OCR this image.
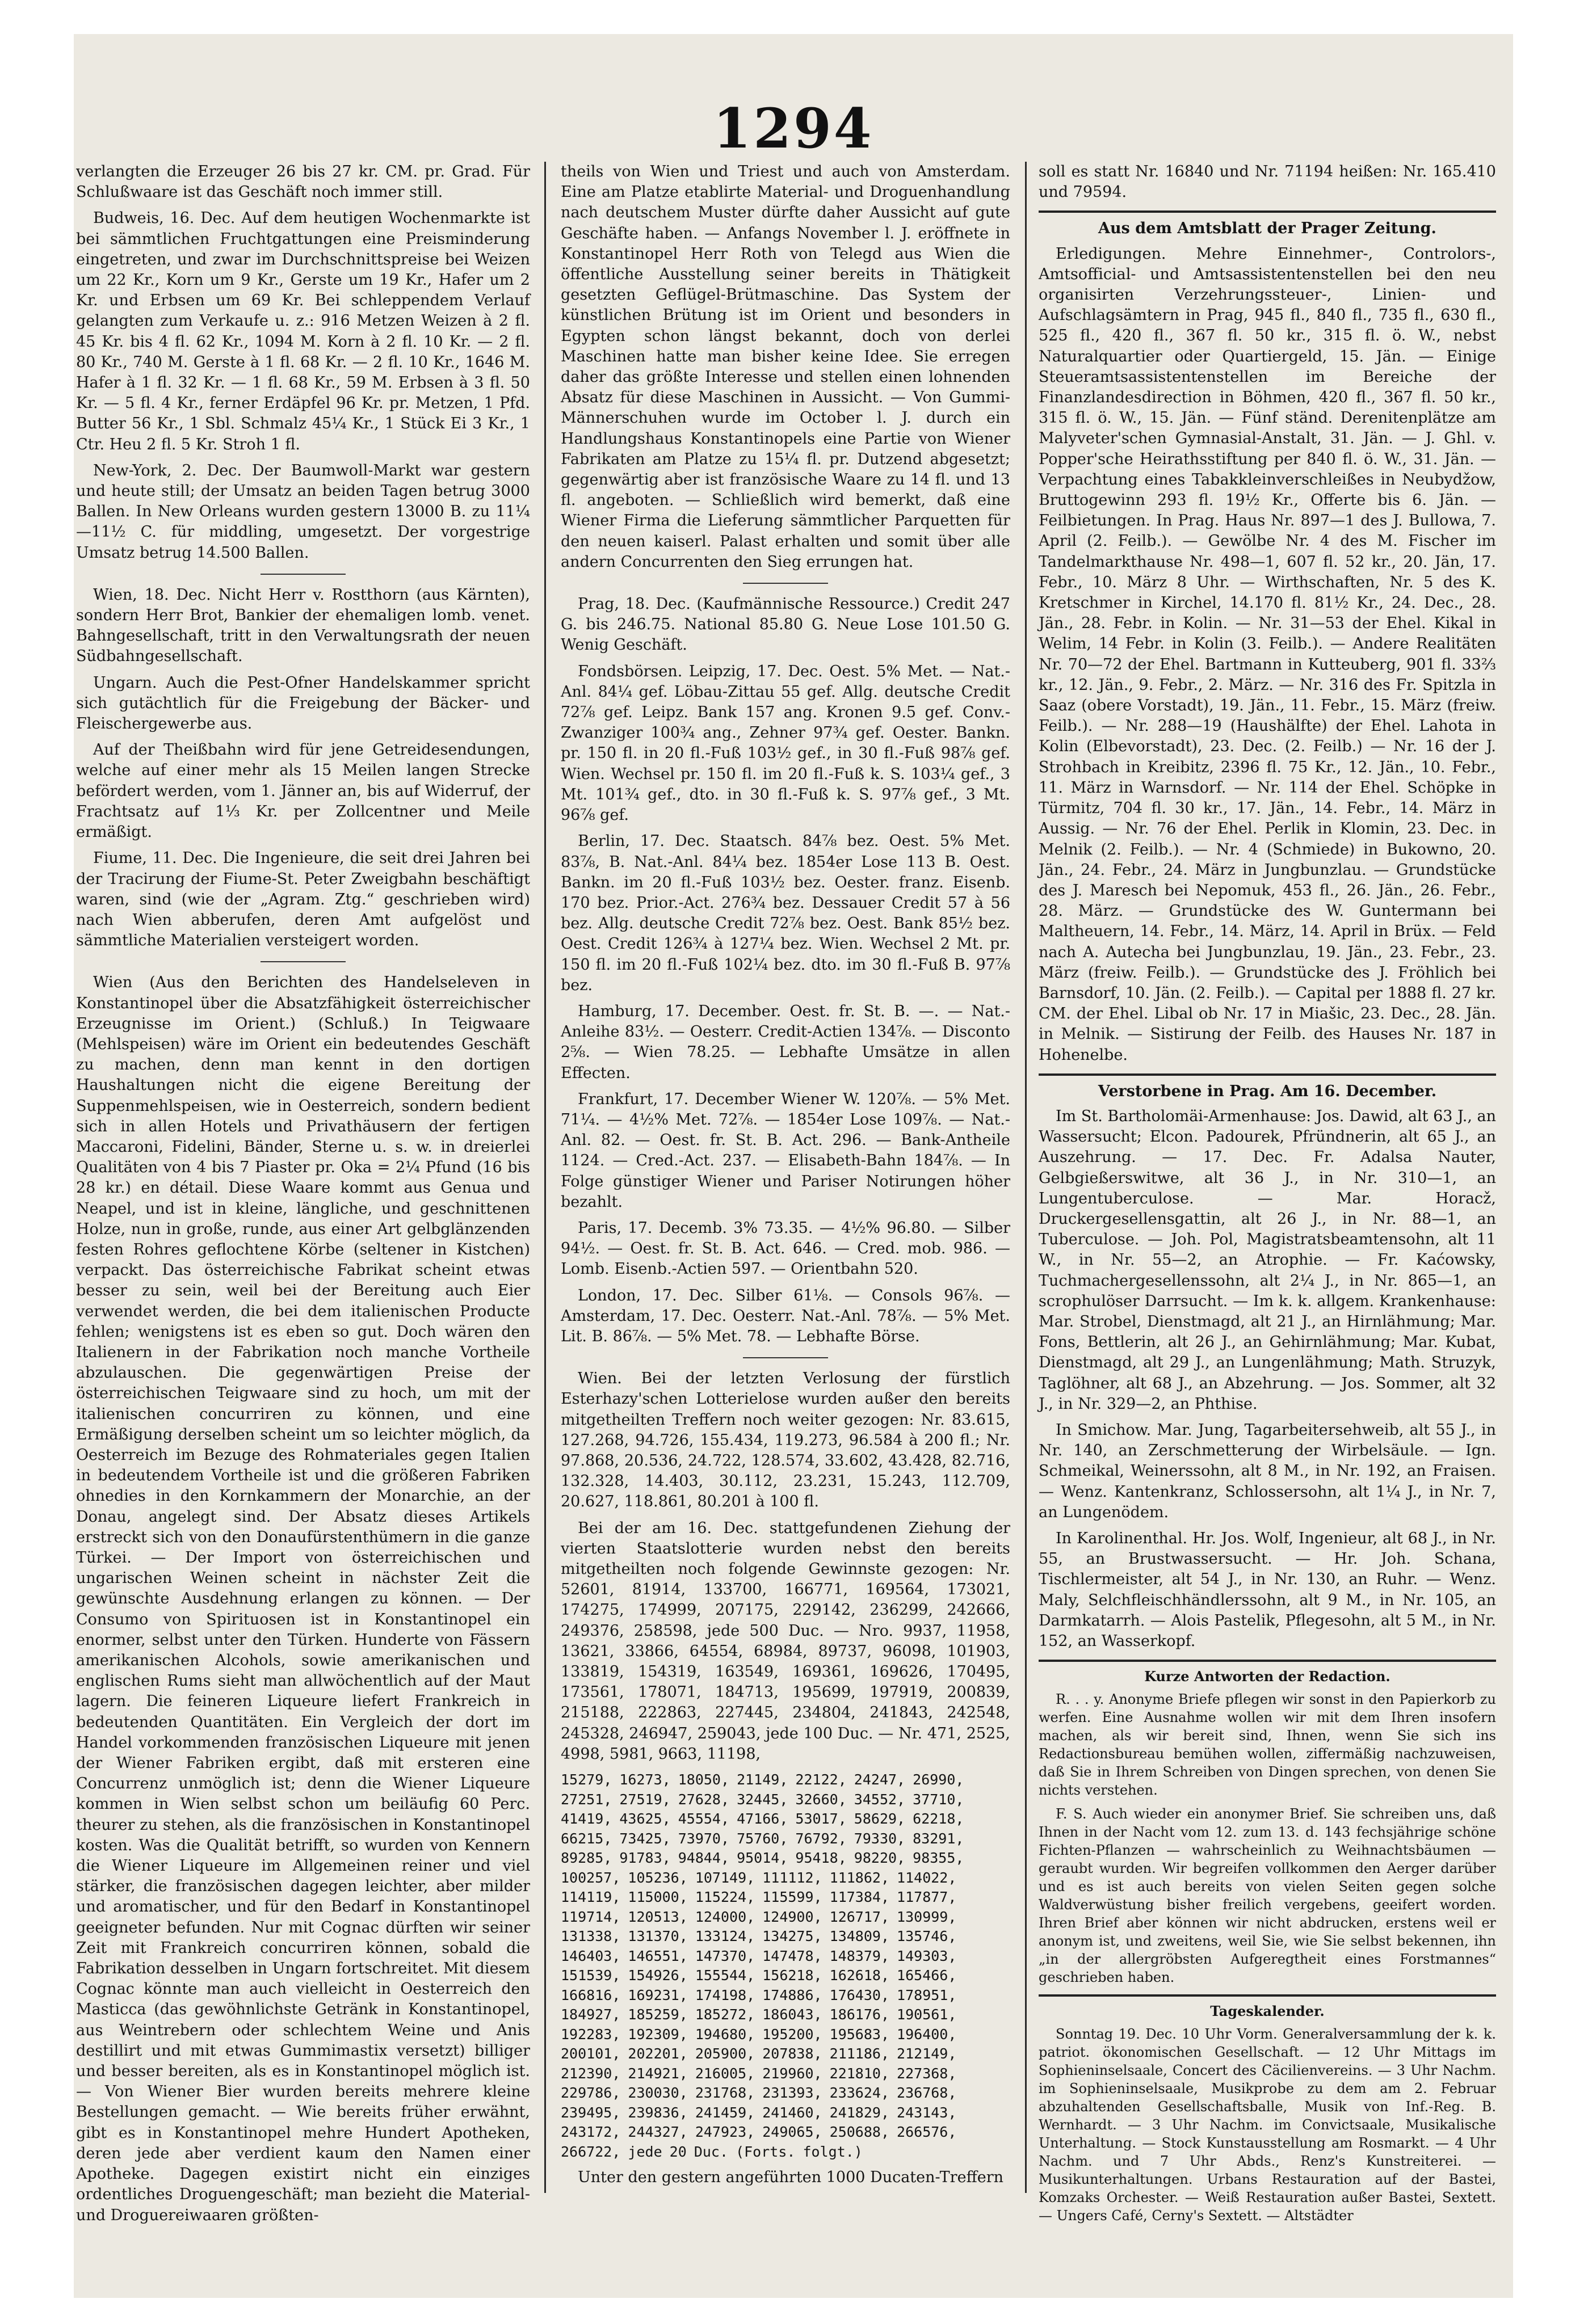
1294

verlangten die Erzeuger 26 bis 27 kr. CM. pr. Grad. Für Schlußwaare ist das Geschäft noch immer still.

Budweis, 16. Dec. Auf dem heutigen Wochenmarkte ist bei sämmtlichen Fruchtgattungen eine Preisminderung eingetreten, und zwar im Durchschnittspreise bei Weizen um 22 Kr., Korn um 9 Kr., Gerste um 19 Kr., Hafer um 2 Kr. und Erbsen um 69 Kr. Bei schleppendem Verlauf gelangten zum Verkaufe u. z.: 916 Metzen Weizen à 2 fl. 45 Kr. bis 4 fl. 62 Kr., 1094 M. Korn à 2 fl. 10 Kr. — 2 fl. 80 Kr., 740 M. Gerste à 1 fl. 68 Kr. — 2 fl. 10 Kr., 1646 M. Hafer à 1 fl. 32 Kr. — 1 fl. 68 Kr., 59 M. Erbsen à 3 fl. 50 Kr. — 5 fl. 4 Kr., ferner Erdäpfel 96 Kr. pr. Metzen, 1 Pfd. Butter 56 Kr., 1 Sbl. Schmalz 45¼ Kr., 1 Stück Ei 3 Kr., 1 Ctr. Heu 2 fl. 5 Kr. Stroh 1 fl.

New-York, 2. Dec. Der Baumwoll-Markt war gestern und heute still; der Umsatz an beiden Tagen betrug 3000 Ballen. In New Orleans wurden gestern 13000 B. zu 11¼—11½ C. für middling, umgesetzt. Der vorgestrige Umsatz betrug 14.500 Ballen.

Wien, 18. Dec. Nicht Herr v. Rostthorn (aus Kärnten), sondern Herr Brot, Bankier der ehemaligen lomb. venet. Bahngesellschaft, tritt in den Verwaltungsrath der neuen Südbahngesellschaft.

Ungarn. Auch die Pest-Ofner Handelskammer spricht sich gutächtlich für die Freigebung der Bäcker- und Fleischergewerbe aus.

Auf der Theißbahn wird für jene Getreidesendungen, welche auf einer mehr als 15 Meilen langen Strecke befördert werden, vom 1. Jänner an, bis auf Widerruf, der Frachtsatz auf 1⅓ Kr. per Zollcentner und Meile ermäßigt.

Fiume, 11. Dec. Die Ingenieure, die seit drei Jahren bei der Tracirung der Fiume-St. Peter Zweigbahn beschäftigt waren, sind (wie der „Agram. Ztg.“ geschrieben wird) nach Wien abberufen, deren Amt aufgelöst und sämmtliche Materialien versteigert worden.

Wien (Aus den Berichten des Handelseleven in Konstantinopel über die Absatzfähigkeit österreichischer Erzeugnisse im Orient.) (Schluß.) In Teigwaare (Mehlspeisen) wäre im Orient ein bedeutendes Geschäft zu machen, denn man kennt in den dortigen Haushaltungen nicht die eigene Bereitung der Suppenmehlspeisen, wie in Oesterreich, sondern bedient sich in allen Hotels und Privathäusern der fertigen Maccaroni, Fidelini, Bänder, Sterne u. s. w. in dreierlei Qualitäten von 4 bis 7 Piaster pr. Oka = 2¼ Pfund (16 bis 28 kr.) en détail. Diese Waare kommt aus Genua und Neapel, und ist in kleine, längliche, und geschnittenen Holze, nun in große, runde, aus einer Art gelbglänzenden festen Rohres geflochtene Körbe (seltener in Kistchen) verpackt. Das österreichische Fabrikat scheint etwas besser zu sein, weil bei der Bereitung auch Eier verwendet werden, die bei dem italienischen Producte fehlen; wenigstens ist es eben so gut. Doch wären den Italienern in der Fabrikation noch manche Vortheile abzulauschen. Die gegenwärtigen Preise der österreichischen Teigwaare sind zu hoch, um mit der italienischen concurriren zu können, und eine Ermäßigung derselben scheint um so leichter möglich, da Oesterreich im Bezuge des Rohmateriales gegen Italien in bedeutendem Vortheile ist und die größeren Fabriken ohnedies in den Kornkammern der Monarchie, an der Donau, angelegt sind. Der Absatz dieses Artikels erstreckt sich von den Donaufürstenthümern in die ganze Türkei. — Der Import von österreichischen und ungarischen Weinen scheint in nächster Zeit die gewünschte Ausdehnung erlangen zu können. — Der Consumo von Spirituosen ist in Konstantinopel ein enormer, selbst unter den Türken. Hunderte von Fässern amerikanischen Alcohols, sowie amerikanischen und englischen Rums sieht man allwöchentlich auf der Maut lagern. Die feineren Liqueure liefert Frankreich in bedeutenden Quantitäten. Ein Vergleich der dort im Handel vorkommenden französischen Liqueure mit jenen der Wiener Fabriken ergibt, daß mit ersteren eine Concurrenz unmöglich ist; denn die Wiener Liqueure kommen in Wien selbst schon um beiläufig 60 Perc. theurer zu stehen, als die französischen in Konstantinopel kosten. Was die Qualität betrifft, so wurden von Kennern die Wiener Liqueure im Allgemeinen reiner und viel stärker, die französischen dagegen leichter, aber milder und aromatischer, und für den Bedarf in Konstantinopel geeigneter befunden. Nur mit Cognac dürften wir seiner Zeit mit Frankreich concurriren können, sobald die Fabrikation desselben in Ungarn fortschreitet. Mit diesem Cognac könnte man auch vielleicht in Oesterreich den Masticca (das gewöhnlichste Getränk in Konstantinopel, aus Weintrebern oder schlechtem Weine und Anis destillirt und mit etwas Gummimastix versetzt) billiger und besser bereiten, als es in Konstantinopel möglich ist. — Von Wiener Bier wurden bereits mehrere kleine Bestellungen gemacht. — Wie bereits früher erwähnt, gibt es in Konstantinopel mehre Hundert Apotheken, deren jede aber verdient kaum den Namen einer Apotheke. Dagegen existirt nicht ein einziges ordentliches Droguengeschäft; man bezieht die Material- und Droguereiwaaren größten-

theils von Wien und Triest und auch von Amsterdam. Eine am Platze etablirte Material- und Droguenhandlung nach deutschem Muster dürfte daher Aussicht auf gute Geschäfte haben. — Anfangs November l. J. eröffnete in Konstantinopel Herr Roth von Telegd aus Wien die öffentliche Ausstellung seiner bereits in Thätigkeit gesetzten Geflügel-Brütmaschine. Das System der künstlichen Brütung ist im Orient und besonders in Egypten schon längst bekannt, doch von derlei Maschinen hatte man bisher keine Idee. Sie erregen daher das größte Interesse und stellen einen lohnenden Absatz für diese Maschinen in Aussicht. — Von Gummi-Männerschuhen wurde im October l. J. durch ein Handlungshaus Konstantinopels eine Partie von Wiener Fabrikaten am Platze zu 15¼ fl. pr. Dutzend abgesetzt; gegenwärtig aber ist französische Waare zu 14 fl. und 13 fl. angeboten. — Schließlich wird bemerkt, daß eine Wiener Firma die Lieferung sämmtlicher Parquetten für den neuen kaiserl. Palast erhalten und somit über alle andern Concurrenten den Sieg errungen hat.

Prag, 18. Dec. (Kaufmännische Ressource.) Credit 247 G. bis 246.75. National 85.80 G. Neue Lose 101.50 G. Wenig Geschäft.

Fondsbörsen. Leipzig, 17. Dec. Oest. 5% Met. — Nat.-Anl. 84¼ gef. Löbau-Zittau 55 gef. Allg. deutsche Credit 72⅞ gef. Leipz. Bank 157 ang. Kronen 9.5 gef. Conv.-Zwanziger 100¾ ang., Zehner 97¾ gef. Oester. Bankn. pr. 150 fl. in 20 fl.-Fuß 103½ gef., in 30 fl.-Fuß 98⅞ gef. Wien. Wechsel pr. 150 fl. im 20 fl.-Fuß k. S. 103¼ gef., 3 Mt. 101¾ gef., dto. in 30 fl.-Fuß k. S. 97⅞ gef., 3 Mt. 96⅞ gef.

Berlin, 17. Dec. Staatsch. 84⅞ bez. Oest. 5% Met. 83⅞, B. Nat.-Anl. 84¼ bez. 1854er Lose 113 B. Oest. Bankn. im 20 fl.-Fuß 103½ bez. Oester. franz. Eisenb. 170 bez. Prior.-Act. 276¾ bez. Dessauer Credit 57 à 56 bez. Allg. deutsche Credit 72⅞ bez. Oest. Bank 85½ bez. Oest. Credit 126¾ à 127¼ bez. Wien. Wechsel 2 Mt. pr. 150 fl. im 20 fl.-Fuß 102¼ bez. dto. im 30 fl.-Fuß B. 97⅞ bez.

Hamburg, 17. December. Oest. fr. St. B. —. — Nat.-Anleihe 83½. — Oesterr. Credit-Actien 134⅞. — Disconto 2⅝. — Wien 78.25. — Lebhafte Umsätze in allen Effecten.

Frankfurt, 17. December Wiener W. 120⅞. — 5% Met. 71¼. — 4½% Met. 72⅞. — 1854er Lose 109⅞. — Nat.-Anl. 82. — Oest. fr. St. B. Act. 296. — Bank-Antheile 1124. — Cred.-Act. 237. — Elisabeth-Bahn 184⅞. — In Folge günstiger Wiener und Pariser Notirungen höher bezahlt.

Paris, 17. Decemb. 3% 73.35. — 4½% 96.80. — Silber 94½. — Oest. fr. St. B. Act. 646. — Cred. mob. 986. — Lomb. Eisenb.-Actien 597. — Orientbahn 520.

London, 17. Dec. Silber 61⅛. — Consols 96⅞. — Amsterdam, 17. Dec. Oesterr. Nat.-Anl. 78⅞. — 5% Met. Lit. B. 86⅞. — 5% Met. 78. — Lebhafte Börse.

Wien. Bei der letzten Verlosung der fürstlich Esterhazy'schen Lotterielose wurden außer den bereits mitgetheilten Treffern noch weiter gezogen: Nr. 83.615, 127.268, 94.726, 155.434, 119.273, 96.584 à 200 fl.; Nr. 97.868, 20.536, 24.722, 128.574, 33.602, 43.428, 82.716, 132.328, 14.403, 30.112, 23.231, 15.243, 112.709, 20.627, 118.861, 80.201 à 100 fl.

Bei der am 16. Dec. stattgefundenen Ziehung der vierten Staatslotterie wurden nebst den bereits mitgetheilten noch folgende Gewinnste gezogen: Nr. 52601, 81914, 133700, 166771, 169564, 173021, 174275, 174999, 207175, 229142, 236299, 242666, 249376, 258598, jede 500 Duc. — Nro. 9937, 11958, 13621, 33866, 64554, 68984, 89737, 96098, 101903, 133819, 154319, 163549, 169361, 169626, 170495, 173561, 178071, 184713, 195699, 197919, 200839, 215188, 222863, 227445, 234804, 241843, 242548, 245328, 246947, 259043, jede 100 Duc. — Nr. 471, 2525, 4998, 5981, 9663, 11198,

15279, 16273, 18050, 21149, 22122, 24247, 26990, 27251, 27519, 27628, 32445, 32660, 34552, 37710, 41419, 43625, 45554, 47166, 53017, 58629, 62218, 66215, 73425, 73970, 75760, 76792, 79330, 83291, 89285, 91783, 94844, 95014, 95418, 98220, 98355, 100257, 105236, 107149, 111112, 111862, 114022, 114119, 115000, 115224, 115599, 117384, 117877, 119714, 120513, 124000, 124900, 126717, 130999, 131338, 131370, 133124, 134275, 134809, 135746, 146403, 146551, 147370, 147478, 148379, 149303, 151539, 154926, 155544, 156218, 162618, 165466, 166816, 169231, 174198, 174886, 176430, 178951, 184927, 185259, 185272, 186043, 186176, 190561, 192283, 192309, 194680, 195200, 195683, 196400, 200101, 202201, 205900, 207838, 211186, 212149, 212390, 214921, 216005, 219960, 221810, 227368, 229786, 230030, 231768, 231393, 233624, 236768, 239495, 239836, 241459, 241460, 241829, 243143, 243172, 244327, 247923, 249065, 250688, 266576, 266722, jede 20 Duc. (Forts. folgt.)

Unter den gestern angeführten 1000 Ducaten-Treffern

soll es statt Nr. 16840 und Nr. 71194 heißen: Nr. 165.410 und 79594.

Aus dem Amtsblatt der Prager Zeitung.

Erledigungen. Mehre Einnehmer-, Controlors-, Amtsofficial- und Amtsassistentenstellen bei den neu organisirten Verzehrungssteuer-, Linien- und Aufschlagsämtern in Prag, 945 fl., 840 fl., 735 fl., 630 fl., 525 fl., 420 fl., 367 fl. 50 kr., 315 fl. ö. W., nebst Naturalquartier oder Quartiergeld, 15. Jän. — Einige Steueramtsassistentenstellen im Bereiche der Finanzlandesdirection in Böhmen, 420 fl., 367 fl. 50 kr., 315 fl. ö. W., 15. Jän. — Fünf ständ. Derenitenplätze am Malyveter'schen Gymnasial-Anstalt, 31. Jän. — J. Ghl. v. Popper'sche Heirathsstiftung per 840 fl. ö. W., 31. Jän. — Verpachtung eines Tabakkleinverschleißes in Neubydžow, Bruttogewinn 293 fl. 19½ Kr., Offerte bis 6. Jän. — Feilbietungen. In Prag. Haus Nr. 897—1 des J. Bullowa, 7. April (2. Feilb.). — Gewölbe Nr. 4 des M. Fischer im Tandelmarkthause Nr. 498—1, 607 fl. 52 kr., 20. Jän, 17. Febr., 10. März 8 Uhr. — Wirthschaften, Nr. 5 des K. Kretschmer in Kirchel, 14.170 fl. 81½ Kr., 24. Dec., 28. Jän., 28. Febr. in Kolin. — Nr. 31—53 der Ehel. Kikal in Welim, 14 Febr. in Kolin (3. Feilb.). — Andere Realitäten Nr. 70—72 der Ehel. Bartmann in Kutteuberg, 901 fl. 33⅔ kr., 12. Jän., 9. Febr., 2. März. — Nr. 316 des Fr. Spitzla in Saaz (obere Vorstadt), 19. Jän., 11. Febr., 15. März (freiw. Feilb.). — Nr. 288—19 (Haushälfte) der Ehel. Lahota in Kolin (Elbevorstadt), 23. Dec. (2. Feilb.) — Nr. 16 der J. Strohbach in Kreibitz, 2396 fl. 75 Kr., 12. Jän., 10. Febr., 11. März in Warnsdorf. — Nr. 114 der Ehel. Schöpke in Türmitz, 704 fl. 30 kr., 17. Jän., 14. Febr., 14. März in Aussig. — Nr. 76 der Ehel. Perlik in Klomin, 23. Dec. in Melnik (2. Feilb.). — Nr. 4 (Schmiede) in Bukowno, 20. Jän., 24. Febr., 24. März in Jungbunzlau. — Grundstücke des J. Maresch bei Nepomuk, 453 fl., 26. Jän., 26. Febr., 28. März. — Grundstücke des W. Guntermann bei Maltheuern, 14. Febr., 14. März, 14. April in Brüx. — Feld nach A. Autecha bei Jungbunzlau, 19. Jän., 23. Febr., 23. März (freiw. Feilb.). — Grundstücke des J. Fröhlich bei Barnsdorf, 10. Jän. (2. Feilb.). — Capital per 1888 fl. 27 kr. CM. der Ehel. Libal ob Nr. 17 in Miašic, 23. Dec., 28. Jän. in Melnik. — Sistirung der Feilb. des Hauses Nr. 187 in Hohenelbe.

Verstorbene in Prag. Am 16. December.

Im St. Bartholomäi-Armenhause: Jos. Dawid, alt 63 J., an Wassersucht; Elcon. Padourek, Pfründnerin, alt 65 J., an Auszehrung. — 17. Dec. Fr. Adalsa Nauter, Gelbgießerswitwe, alt 36 J., in Nr. 310—1, an Lungentuberculose. — Mar. Horacž, Druckergesellensgattin, alt 26 J., in Nr. 88—1, an Tuberculose. — Joh. Pol, Magistratsbeamtensohn, alt 11 W., in Nr. 55—2, an Atrophie. — Fr. Kaćowsky, Tuchmachergesellenssohn, alt 2¼ J., in Nr. 865—1, an scrophulöser Darrsucht. — Im k. k. allgem. Krankenhause: Mar. Strobel, Dienstmagd, alt 21 J., an Hirnlähmung; Mar. Fons, Bettlerin, alt 26 J., an Gehirnlähmung; Mar. Kubat, Dienstmagd, alt 29 J., an Lungenlähmung; Math. Struzyk, Taglöhner, alt 68 J., an Abzehrung. — Jos. Sommer, alt 32 J., in Nr. 329—2, an Phthise.

In Smichow. Mar. Jung, Tagarbeitersehweib, alt 55 J., in Nr. 140, an Zerschmetterung der Wirbelsäule. — Ign. Schmeikal, Weinerssohn, alt 8 M., in Nr. 192, an Fraisen. — Wenz. Kantenkranz, Schlossersohn, alt 1¼ J., in Nr. 7, an Lungenödem.

In Karolinenthal. Hr. Jos. Wolf, Ingenieur, alt 68 J., in Nr. 55, an Brustwassersucht. — Hr. Joh. Schana, Tischlermeister, alt 54 J., in Nr. 130, an Ruhr. — Wenz. Maly, Selchfleischhändlerssohn, alt 9 M., in Nr. 105, an Darmkatarrh. — Alois Pastelik, Pflegesohn, alt 5 M., in Nr. 152, an Wasserkopf.

Kurze Antworten der Redaction.

R. . . y. Anonyme Briefe pflegen wir sonst in den Papierkorb zu werfen. Eine Ausnahme wollen wir mit dem Ihren insofern machen, als wir bereit sind, Ihnen, wenn Sie sich ins Redactionsbureau bemühen wollen, ziffermäßig nachzuweisen, daß Sie in Ihrem Schreiben von Dingen sprechen, von denen Sie nichts verstehen.

F. S. Auch wieder ein anonymer Brief. Sie schreiben uns, daß Ihnen in der Nacht vom 12. zum 13. d. 143 fechsjährige schöne Fichten-Pflanzen — wahrscheinlich zu Weihnachtsbäumen — geraubt wurden. Wir begreifen vollkommen den Aerger darüber und es ist auch bereits von vielen Seiten gegen solche Waldverwüstung bisher freilich vergebens, geeifert worden. Ihren Brief aber können wir nicht abdrucken, erstens weil er anonym ist, und zweitens, weil Sie, wie Sie selbst bekennen, ihn „in der allergröbsten Aufgeregtheit eines Forstmannes“ geschrieben haben.

Tageskalender.

Sonntag 19. Dec. 10 Uhr Vorm. Generalversammlung der k. k. patriot. ökonomischen Gesellschaft. — 12 Uhr Mittags im Sophieninselsaale, Concert des Cäcilienvereins. — 3 Uhr Nachm. im Sophieninselsaale, Musikprobe zu dem am 2. Februar abzuhaltenden Gesellschaftsballe, Musik von Inf.-Reg. B. Wernhardt. — 3 Uhr Nachm. im Convictsaale, Musikalische Unterhaltung. — Stock Kunstausstellung am Rosmarkt. — 4 Uhr Nachm. und 7 Uhr Abds., Renz's Kunstreiterei. — Musikunterhaltungen. Urbans Restauration auf der Bastei, Komzaks Orchester. — Weiß Restauration außer Bastei, Sextett. — Ungers Café, Cerny's Sextett. — Altstädter
